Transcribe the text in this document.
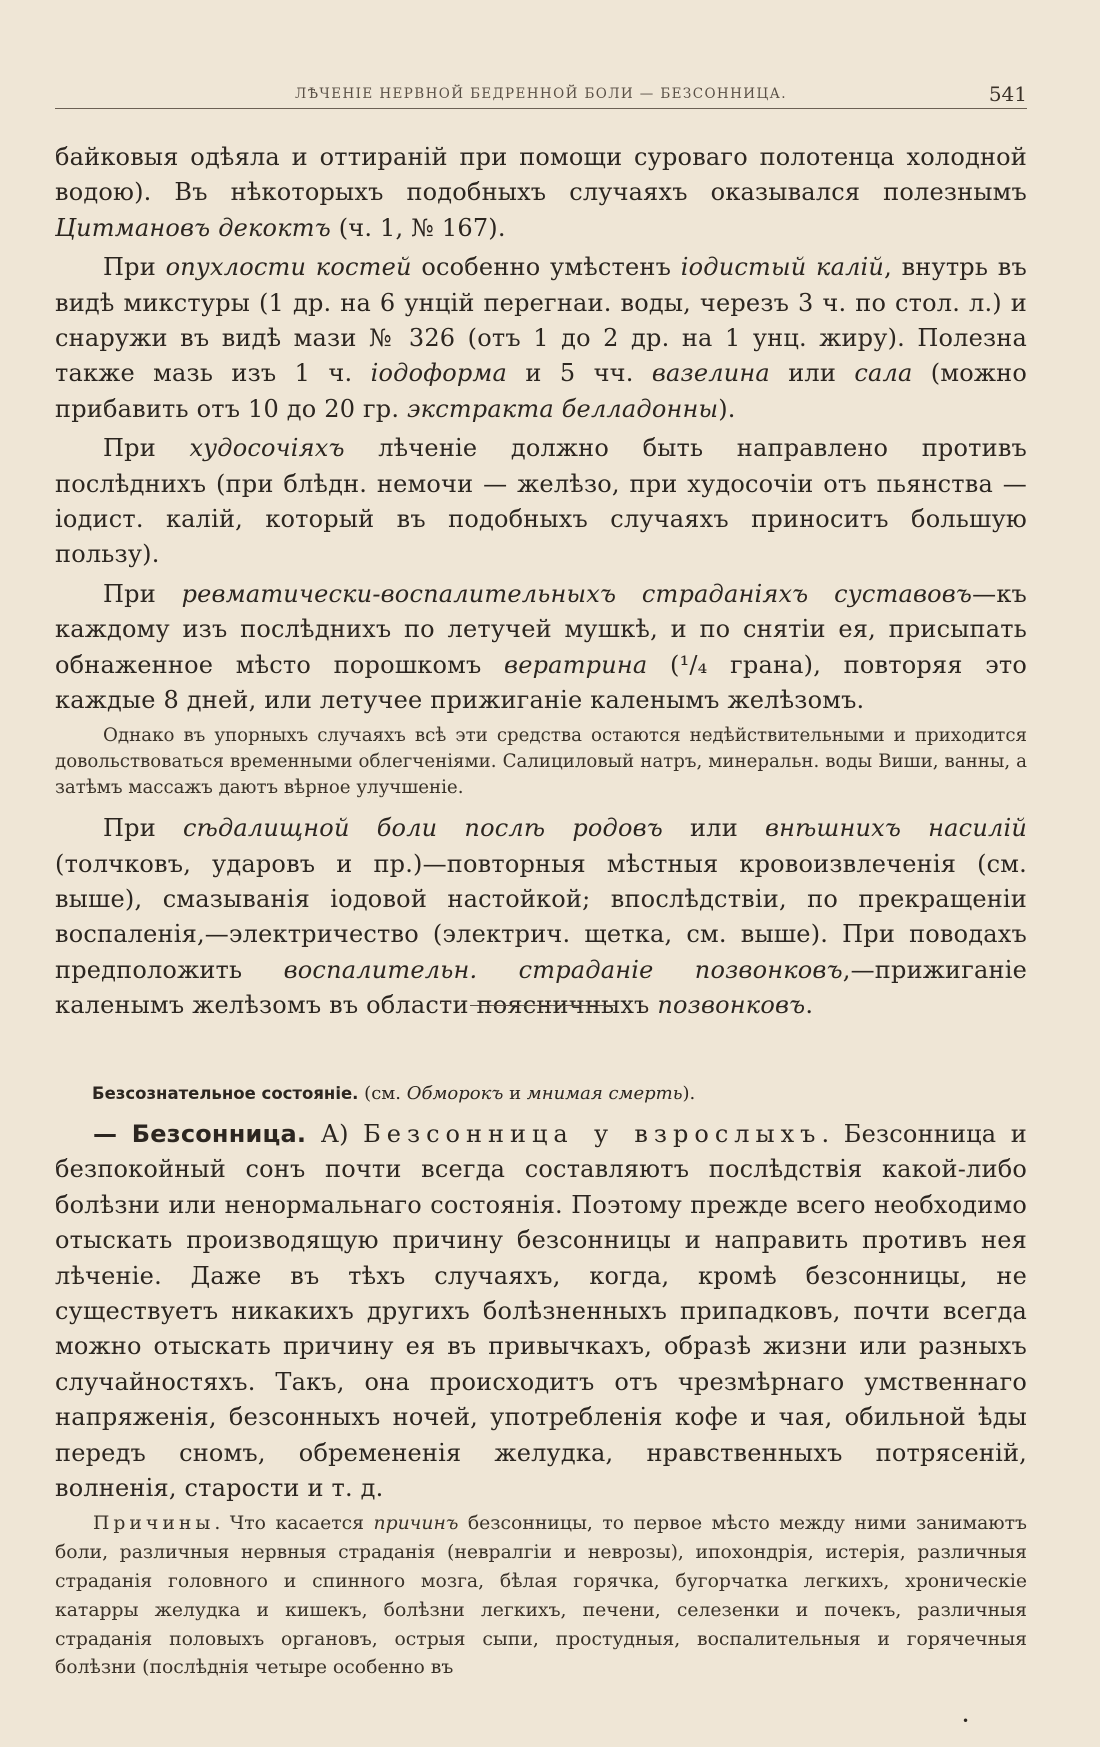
ЛѢЧЕНІЕ НЕРВНОЙ БЕДРЕННОЙ БОЛИ — БЕЗСОННИЦА.	541

байковыя одѣяла и оттираній при помощи суроваго полотенца холодной водою). Въ нѣкоторыхъ подобныхъ случаяхъ оказывался полезнымъ Цитмановъ декоктъ (ч. 1, № 167).

При опухлости костей особенно умѣстенъ іодистый калій, внутрь въ видѣ микстуры (1 др. на 6 унцій перегнаи. воды, черезъ 3 ч. по стол. л.) и снаружи въ видѣ мази № 326 (отъ 1 до 2 др. на 1 унц. жиру). Полезна также мазь изъ 1 ч. іодоформа и 5 чч. вазелина или сала (можно прибавить отъ 10 до 20 гр. экстракта белладонны).

При худосочіяхъ лѣченіе должно быть направлено противъ послѣднихъ (при блѣдн. немочи — желѣзо, при худосочіи отъ пьянства — іодист. калій, который въ подобныхъ случаяхъ приноситъ большую пользу).

При ревматически-воспалительныхъ страданіяхъ суставовъ—къ каждому изъ послѣднихъ по летучей мушкѣ, и по снятіи ея, присыпать обнаженное мѣсто порошкомъ вератрина (¹/₄ грана), повторяя это каждые 8 дней, или летучее прижиганіе каленымъ желѣзомъ.

Однако въ упорныхъ случаяхъ всѣ эти средства остаются недѣйствительными и приходится довольствоваться временными облегченіями. Салициловый натръ, минеральн. воды Виши, ванны, а затѣмъ массажъ даютъ вѣрное улучшеніе.

При сѣдалищной боли послѣ родовъ или внѣшнихъ насилій (толчковъ, ударовъ и пр.)—повторныя мѣстныя кровоизвлеченія (см. выше), смазыванія іодовой настойкой; впослѣдствіи, по прекращеніи воспаленія,—электричество (электрич. щетка, см. выше). При поводахъ предположить воспалительн. страданіе позвонковъ,—прижиганіе каленымъ желѣзомъ въ области поясничныхъ позвонковъ.

Безсознательное состояніе. (см. Обморокъ и мнимая смерть).

— Безсонница. А) Безсонница у взрослыхъ. Безсонница и безпокойный сонъ почти всегда составляютъ послѣдствія какой-либо болѣзни или ненормальнаго состоянія. Поэтому прежде всего необходимо отыскать производящую причину безсонницы и направить противъ нея лѣченіе. Даже въ тѣхъ случаяхъ, когда, кромѣ безсонницы, не существуетъ никакихъ другихъ болѣзненныхъ припадковъ, почти всегда можно отыскать причину ея въ привычкахъ, образѣ жизни или разныхъ случайностяхъ. Такъ, она происходитъ отъ чрезмѣрнаго умственнаго напряженія, безсонныхъ ночей, употребленія кофе и чая, обильной ѣды передъ сномъ, обремененія желудка, нравственныхъ потрясеній, волненія, старости и т. д.

Причины. Что касается причинъ безсонницы, то первое мѣсто между ними занимаютъ боли, различныя нервныя страданія (невралгіи и неврозы), ипохондрія, истерія, различныя страданія головного и спинного мозга, бѣлая горячка, бугорчатка легкихъ, хроническіе катарры желудка и кишекъ, болѣзни легкихъ, печени, селезенки и почекъ, различныя страданія половыхъ органовъ, острыя сыпи, простудныя, воспалительныя и горячечныя болѣзни (послѣднія четыре особенно въ

•
